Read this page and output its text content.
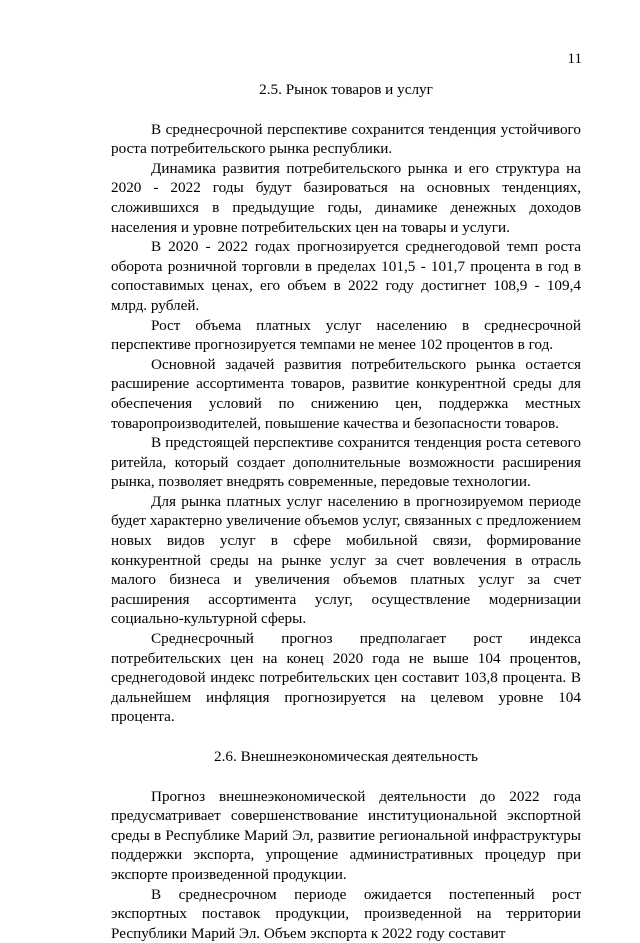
11
2.5. Рынок товаров и услуг

В среднесрочной перспективе сохранится тенденция устойчивого роста потребительского рынка республики.

Динамика развития потребительского рынка и его структура на 2020 - 2022 годы будут базироваться на основных тенденциях, сложившихся в предыдущие годы, динамике денежных доходов населения и уровне потребительских цен на товары и услуги.

В 2020 - 2022 годах прогнозируется среднегодовой темп роста оборота розничной торговли в пределах 101,5 - 101,7 процента в год в сопоставимых ценах, его объем в 2022 году достигнет 108,9 - 109,4 млрд. рублей.

Рост объема платных услуг населению в среднесрочной перспективе прогнозируется темпами не менее 102 процентов в год.

Основной задачей развития потребительского рынка остается расширение ассортимента товаров, развитие конкурентной среды для обеспечения условий по снижению цен, поддержка местных товаропроизводителей, повышение качества и безопасности товаров.

В предстоящей перспективе сохранится тенденция роста сетевого ритейла, который создает дополнительные возможности расширения рынка, позволяет внедрять современные, передовые технологии.

Для рынка платных услуг населению в прогнозируемом периоде будет характерно увеличение объемов услуг, связанных с предложением новых видов услуг в сфере мобильной связи, формирование конкурентной среды на рынке услуг за счет вовлечения в отрасль малого бизнеса и увеличения объемов платных услуг за счет расширения ассортимента услуг, осуществление модернизации социально-культурной сферы.

Среднесрочный прогноз предполагает рост индекса потребительских цен на конец 2020 года не выше 104 процентов, среднегодовой индекс потребительских цен составит 103,8 процента. В дальнейшем инфляция прогнозируется на целевом уровне 104 процента.

2.6. Внешнеэкономическая деятельность

Прогноз внешнеэкономической деятельности до 2022 года предусматривает совершенствование институциональной экспортной среды в Республике Марий Эл, развитие региональной инфраструктуры поддержки экспорта, упрощение административных процедур при экспорте произведенной продукции.

В среднесрочном периоде ожидается постепенный рост экспортных поставок продукции, произведенной на территории Республики Марий Эл. Объем экспорта к 2022 году составит
